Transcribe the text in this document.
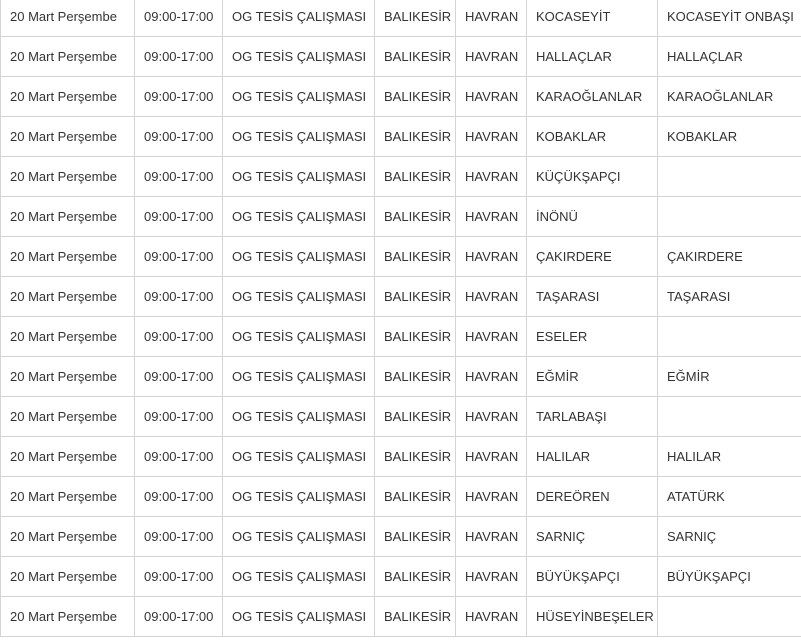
20 Mart Perşembe	09:00-17:00	OG TESİS ÇALIŞMASI	BALIKESİR	HAVRAN	KOCASEYİT	KOCASEYİT ONBAŞI
20 Mart Perşembe	09:00-17:00	OG TESİS ÇALIŞMASI	BALIKESİR	HAVRAN	HALLAÇLAR	HALLAÇLAR
20 Mart Perşembe	09:00-17:00	OG TESİS ÇALIŞMASI	BALIKESİR	HAVRAN	KARAOĞLANLAR	KARAOĞLANLAR
20 Mart Perşembe	09:00-17:00	OG TESİS ÇALIŞMASI	BALIKESİR	HAVRAN	KOBAKLAR	KOBAKLAR
20 Mart Perşembe	09:00-17:00	OG TESİS ÇALIŞMASI	BALIKESİR	HAVRAN	KÜÇÜKŞAPÇI	
20 Mart Perşembe	09:00-17:00	OG TESİS ÇALIŞMASI	BALIKESİR	HAVRAN	İNÖNÜ	
20 Mart Perşembe	09:00-17:00	OG TESİS ÇALIŞMASI	BALIKESİR	HAVRAN	ÇAKIRDERE	ÇAKIRDERE
20 Mart Perşembe	09:00-17:00	OG TESİS ÇALIŞMASI	BALIKESİR	HAVRAN	TAŞARASI	TAŞARASI
20 Mart Perşembe	09:00-17:00	OG TESİS ÇALIŞMASI	BALIKESİR	HAVRAN	ESELER	
20 Mart Perşembe	09:00-17:00	OG TESİS ÇALIŞMASI	BALIKESİR	HAVRAN	EĞMİR	EĞMİR
20 Mart Perşembe	09:00-17:00	OG TESİS ÇALIŞMASI	BALIKESİR	HAVRAN	TARLABAŞI	
20 Mart Perşembe	09:00-17:00	OG TESİS ÇALIŞMASI	BALIKESİR	HAVRAN	HALILAR	HALILAR
20 Mart Perşembe	09:00-17:00	OG TESİS ÇALIŞMASI	BALIKESİR	HAVRAN	DEREÖREN	ATATÜRK
20 Mart Perşembe	09:00-17:00	OG TESİS ÇALIŞMASI	BALIKESİR	HAVRAN	SARNIÇ	SARNIÇ
20 Mart Perşembe	09:00-17:00	OG TESİS ÇALIŞMASI	BALIKESİR	HAVRAN	BÜYÜKŞAPÇI	BÜYÜKŞAPÇI
20 Mart Perşembe	09:00-17:00	OG TESİS ÇALIŞMASI	BALIKESİR	HAVRAN	HÜSEYİNBEŞELER	
